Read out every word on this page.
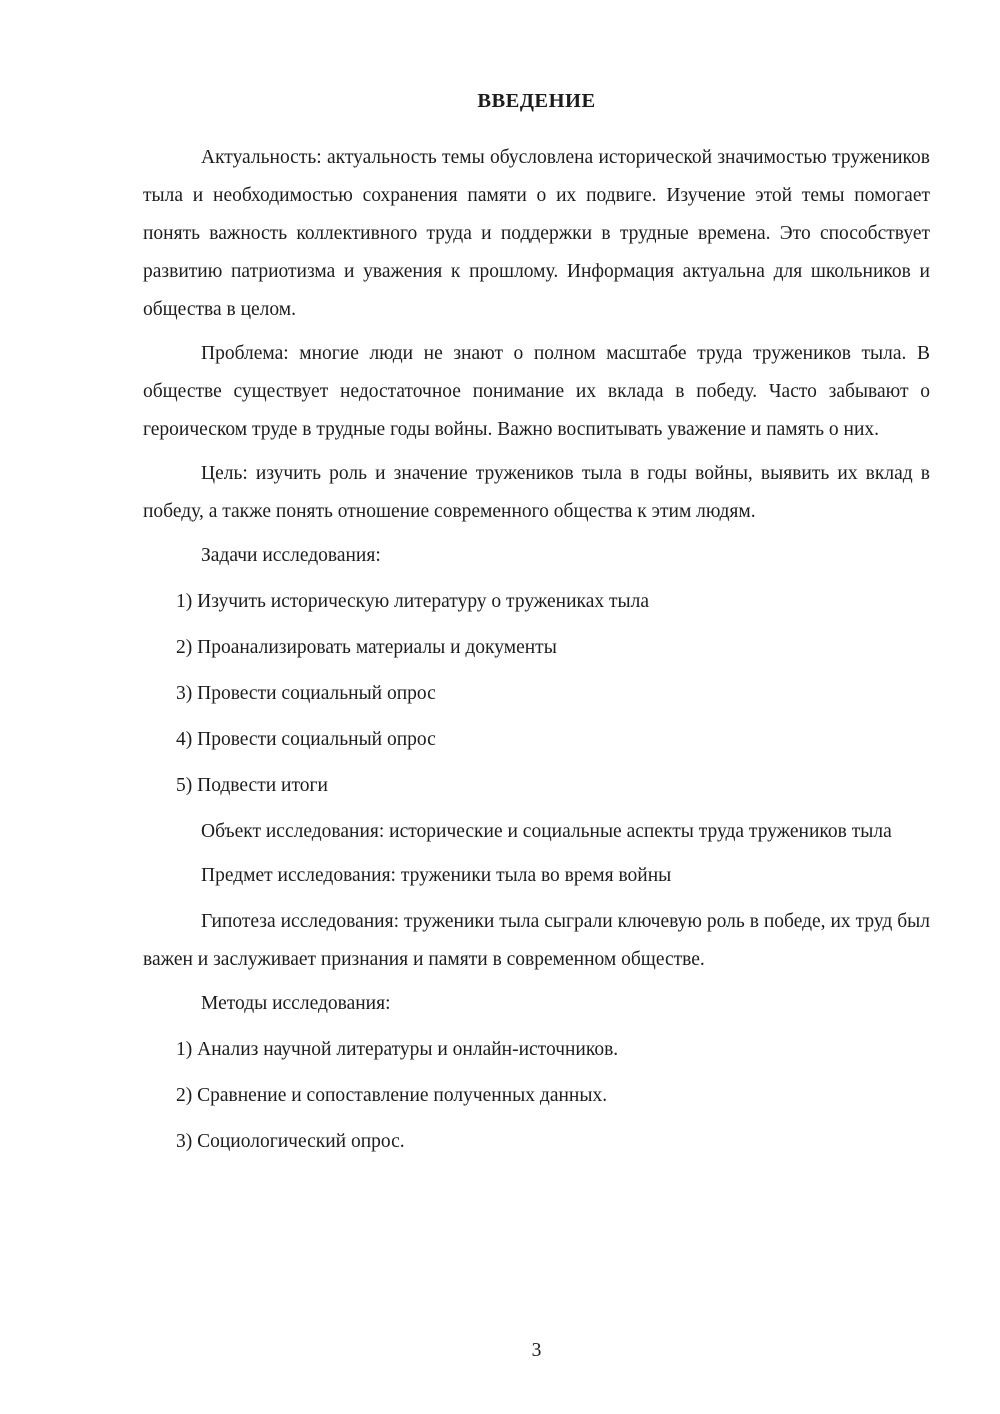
ВВЕДЕНИЕ

Актуальность: актуальность темы обусловлена исторической значимостью тружеников тыла и необходимостью сохранения памяти о их подвиге. Изучение этой темы помогает понять важность коллективного труда и поддержки в трудные времена. Это способствует развитию патриотизма и уважения к прошлому. Информация актуальна для школьников и общества в целом.

Проблема: многие люди не знают о полном масштабе труда тружеников тыла. В обществе существует недостаточное понимание их вклада в победу. Часто забывают о героическом труде в трудные годы войны. Важно воспитывать уважение и память о них.

Цель: изучить роль и значение тружеников тыла в годы войны, выявить их вклад в победу, а также понять отношение современного общества к этим людям.

Задачи исследования:

1) Изучить историческую литературу о тружениках тыла
2) Проанализировать материалы и документы
3) Провести социальный опрос
4) Провести социальный опрос
5) Подвести итоги

Объект исследования: исторические и социальные аспекты труда тружеников тыла

Предмет исследования: труженики тыла во время войны

Гипотеза исследования: труженики тыла сыграли ключевую роль в победе, их труд был важен и заслуживает признания и памяти в современном обществе.

Методы исследования:

1) Анализ научной литературы и онлайн-источников.
2) Сравнение и сопоставление полученных данных.
3) Социологический опрос.
3
